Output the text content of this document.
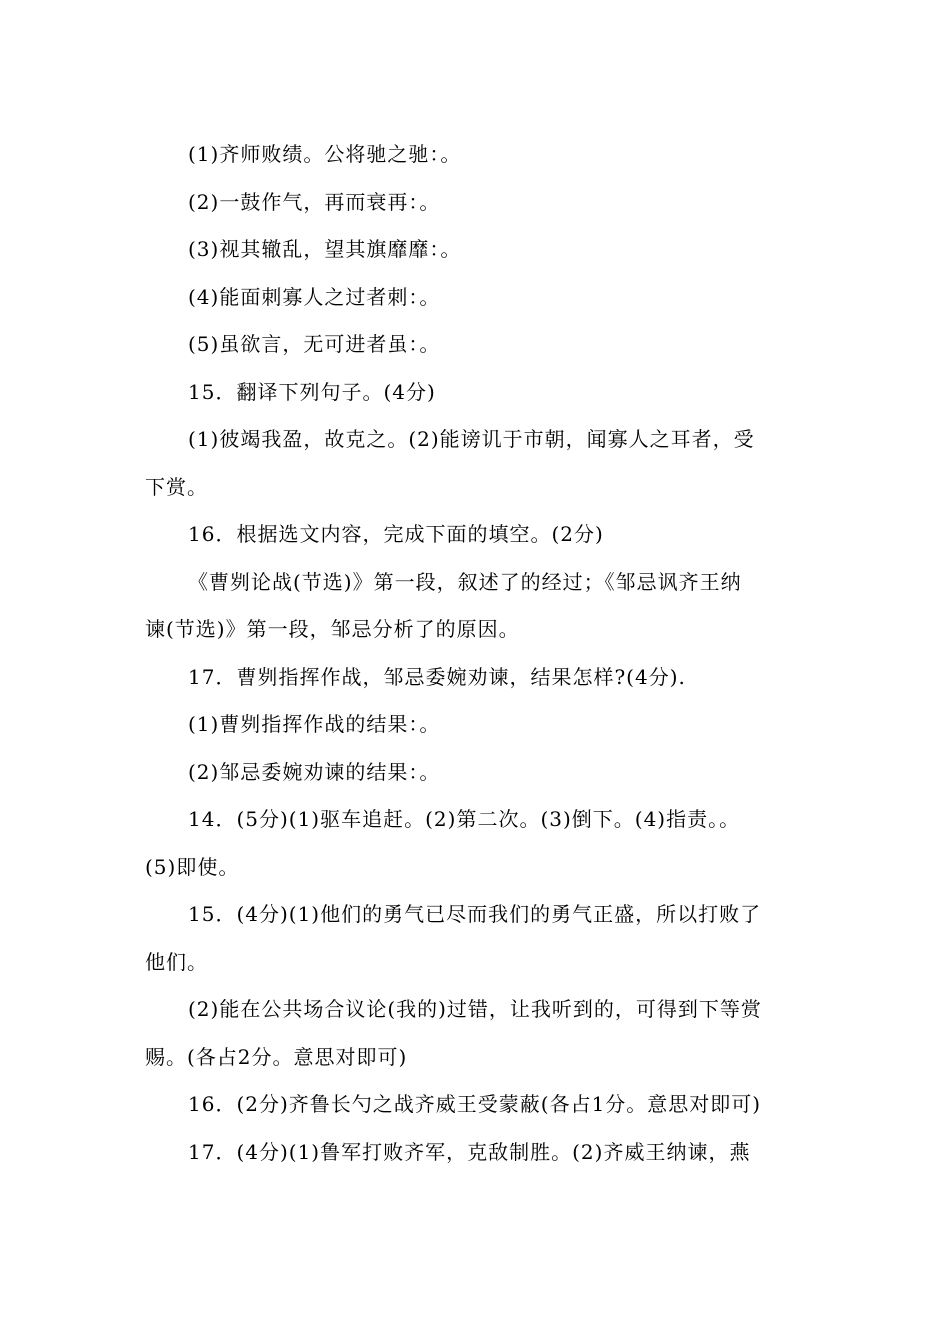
(1)齐师败绩。公将驰之驰：。
(2)一鼓作气，再而衰再：。
(3)视其辙乱，望其旗靡靡：。
(4)能面刺寡人之过者刺：。
(5)虽欲言，无可进者虽：。
15．翻译下列句子。(4分)
(1)彼竭我盈，故克之。(2)能谤讥于市朝，闻寡人之耳者，受
下赏。
16．根据选文内容，完成下面的填空。(2分)
《曹刿论战(节选)》第一段，叙述了的经过；《邹忌讽齐王纳
谏(节选)》第一段，邹忌分析了的原因。
17．曹刿指挥作战，邹忌委婉劝谏，结果怎样?(4分).
(1)曹刿指挥作战的结果：。
(2)邹忌委婉劝谏的结果：。
14．(5分)(1)驱车追赶。(2)第二次。(3)倒下。(4)指责。。
(5)即使。
15．(4分)(1)他们的勇气已尽而我们的勇气正盛，所以打败了
他们。
(2)能在公共场合议论(我的)过错，让我听到的，可得到下等赏
赐。(各占2分。意思对即可)
16．(2分)齐鲁长勺之战齐威王受蒙蔽(各占1分。意思对即可)
17．(4分)(1)鲁军打败齐军，克敌制胜。(2)齐威王纳谏，燕
